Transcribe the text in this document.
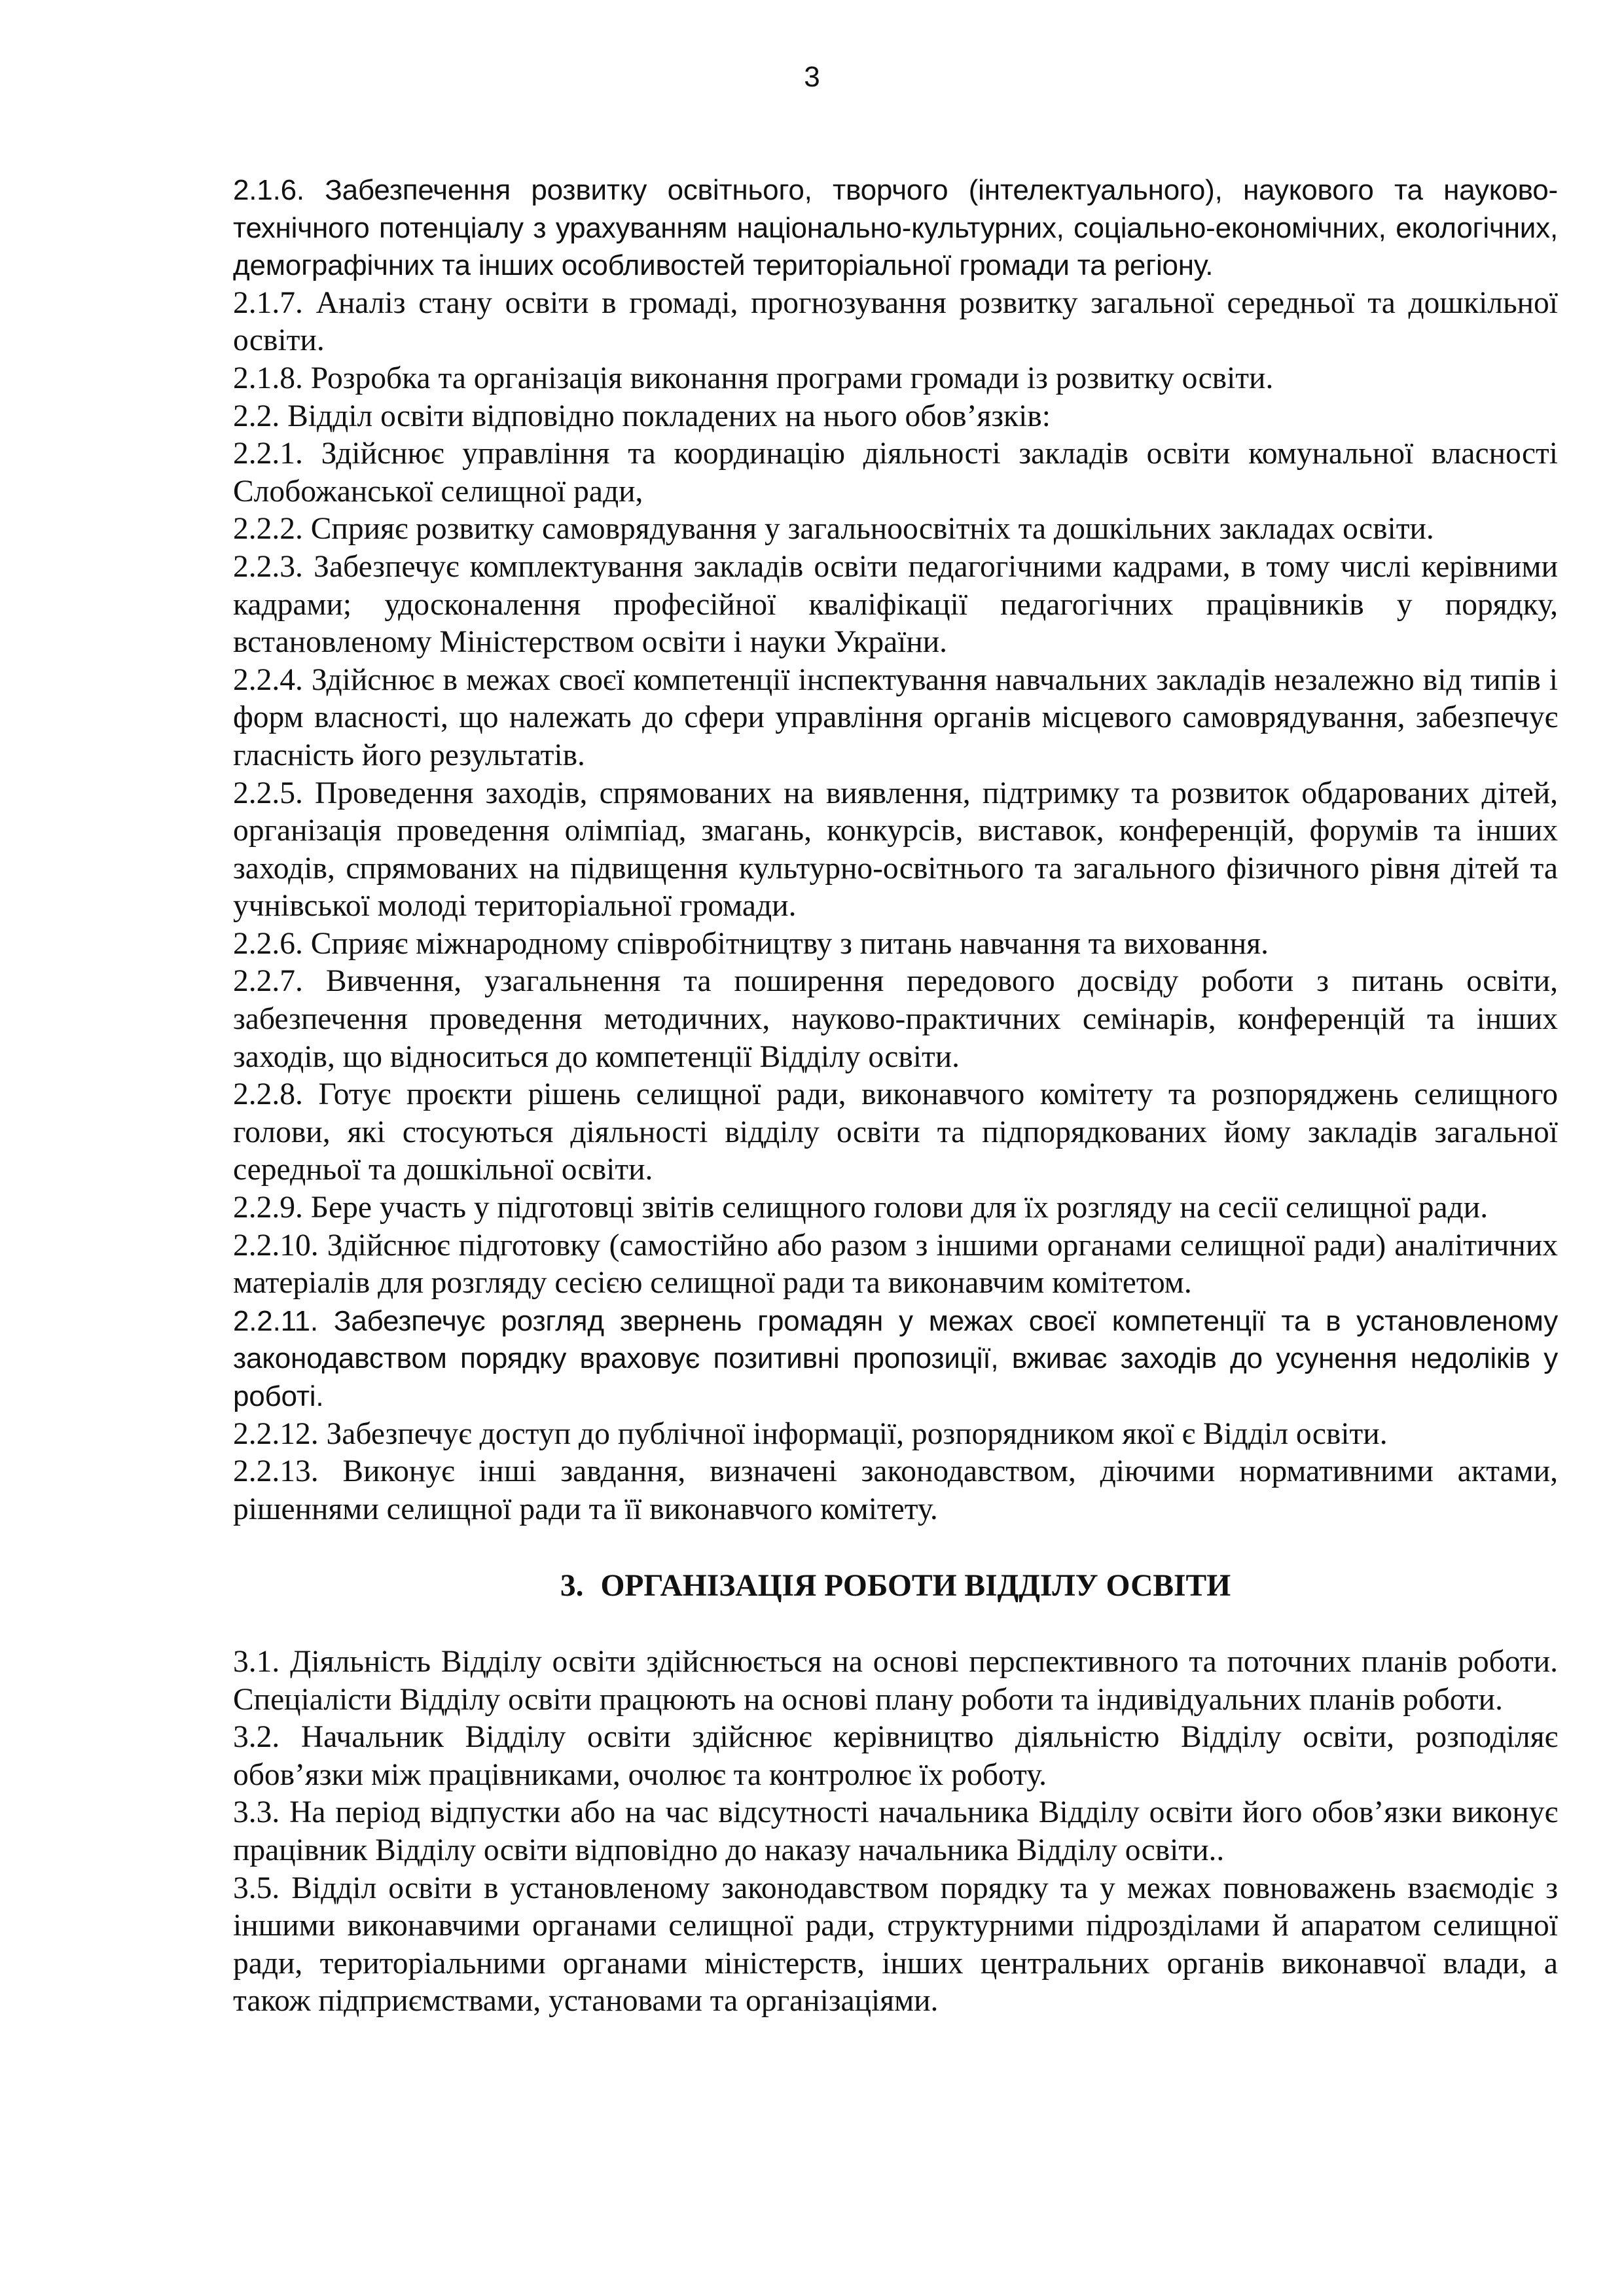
3

2.1.6. Забезпечення розвитку освітнього, творчого (інтелектуального), наукового та науково-технічного потенціалу з урахуванням національно-культурних, соціально-економічних, екологічних, демографічних та інших особливостей територіальної громади та регіону.

2.1.7. Аналіз стану освіти в громаді, прогнозування розвитку загальної середньої та дошкільної освіти.

2.1.8. Розробка та організація виконання програми громади із розвитку освіти.

2.2. Відділ освіти відповідно покладених на нього обов’язків:

2.2.1. Здійснює управління та координацію діяльності закладів освіти комунальної власності Слобожанської селищної ради,

2.2.2. Сприяє розвитку самоврядування у загальноосвітніх та дошкільних закладах освіти.

2.2.3. Забезпечує комплектування закладів освіти педагогічними кадрами, в тому числі керівними кадрами; удосконалення професійної кваліфікації педагогічних працівників у порядку, встановленому Міністерством освіти і науки України.

2.2.4. Здійснює в межах своєї компетенції інспектування навчальних закладів незалежно від типів і форм власності, що належать до сфери управління органів місцевого самоврядування, забезпечує гласність його результатів.

2.2.5. Проведення заходів, спрямованих на виявлення, підтримку та розвиток обдарованих дітей, організація проведення олімпіад, змагань, конкурсів, виставок, конференцій, форумів та інших заходів, спрямованих на підвищення культурно-освітнього та загального фізичного рівня дітей та учнівської молоді територіальної громади.

2.2.6. Сприяє міжнародному співробітництву з питань навчання та виховання.

2.2.7. Вивчення, узагальнення та поширення передового досвіду роботи з питань освіти, забезпечення проведення методичних, науково-практичних семінарів, конференцій та інших заходів, що відноситься до компетенції Відділу освіти.

2.2.8. Готує проєкти рішень селищної ради, виконавчого комітету та розпоряджень селищного голови, які стосуються діяльності відділу освіти та підпорядкованих йому закладів загальної середньої та дошкільної освіти.

2.2.9. Бере участь у підготовці звітів селищного голови для їх розгляду на сесії селищної ради.

2.2.10. Здійснює підготовку (самостійно або разом з іншими органами селищної ради) аналітичних матеріалів для розгляду сесією селищної ради та виконавчим комітетом.

2.2.11. Забезпечує розгляд звернень громадян у межах своєї компетенції та в установленому законодавством порядку враховує позитивні пропозиції, вживає заходів до усунення недоліків у роботі.

2.2.12. Забезпечує доступ до публічної інформації, розпорядником якої є Відділ освіти.

2.2.13. Виконує інші завдання, визначені законодавством, діючими нормативними актами, рішеннями селищної ради та її виконавчого комітету.

3. ОРГАНІЗАЦІЯ РОБОТИ ВІДДІЛУ ОСВІТИ

3.1. Діяльність Відділу освіти здійснюється на основі перспективного та поточних планів роботи. Спеціалісти Відділу освіти працюють на основі плану роботи та індивідуальних планів роботи.

3.2. Начальник Відділу освіти здійснює керівництво діяльністю Відділу освіти, розподіляє обов’язки між працівниками, очолює та контролює їх роботу.

3.3. На період відпустки або на час відсутності начальника Відділу освіти його обов’язки виконує працівник Відділу освіти відповідно до наказу начальника Відділу освіти..

3.5. Відділ освіти в установленому законодавством порядку та у межах повноважень взаємодіє з іншими виконавчими органами селищної ради, структурними підрозділами й апаратом селищної ради, територіальними органами міністерств, інших центральних органів виконавчої влади, а також підприємствами, установами та організаціями.
